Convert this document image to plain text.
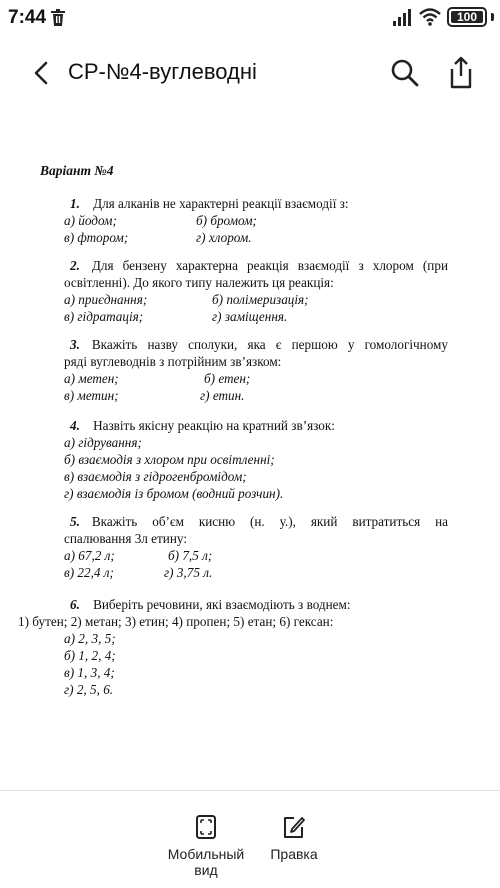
7:44	100
СР-№4-вуглеводні
Варіант №4
1. Для алканів не характерні реакції взаємодії з:
а) йодом;	б) бромом;
в) фтором;	г) хлором.
2. Для бензену характерна реакція взаємодії з хлором (при
освітленні). До якого типу належить ця реакція:
а) приєднання;	б) полімеризація;
в) гідратація;	г) заміщення.
3. Вкажіть назву сполуки, яка є першою у гомологічному
ряді вуглеводнів з потрійним зв’язком:
а) метен;	б) етен;
в) метин;	г) етин.
4. Назвіть якісну реакцію на кратний зв’язок:
а) гідрування;
б) взаємодія з хлором при освітленні;
в) взаємодія з гідрогенбромідом;
г) взаємодія із бромом (водний розчин).
5. Вкажіть об’єм кисню (н. у.), який витратиться на
спалювання 3л етину:
а) 67,2 л;	б) 7,5 л;
в) 22,4 л;	г) 3,75 л.
6. Виберіть речовини, які взаємодіють з воднем:
1) бутен; 2) метан; 3) етин; 4) пропен; 5) етан; 6) гексан:
а) 2, 3, 5;
б) 1, 2, 4;
в) 1, 3, 4;
г) 2, 5, 6.
Мобильный
вид
Правка
